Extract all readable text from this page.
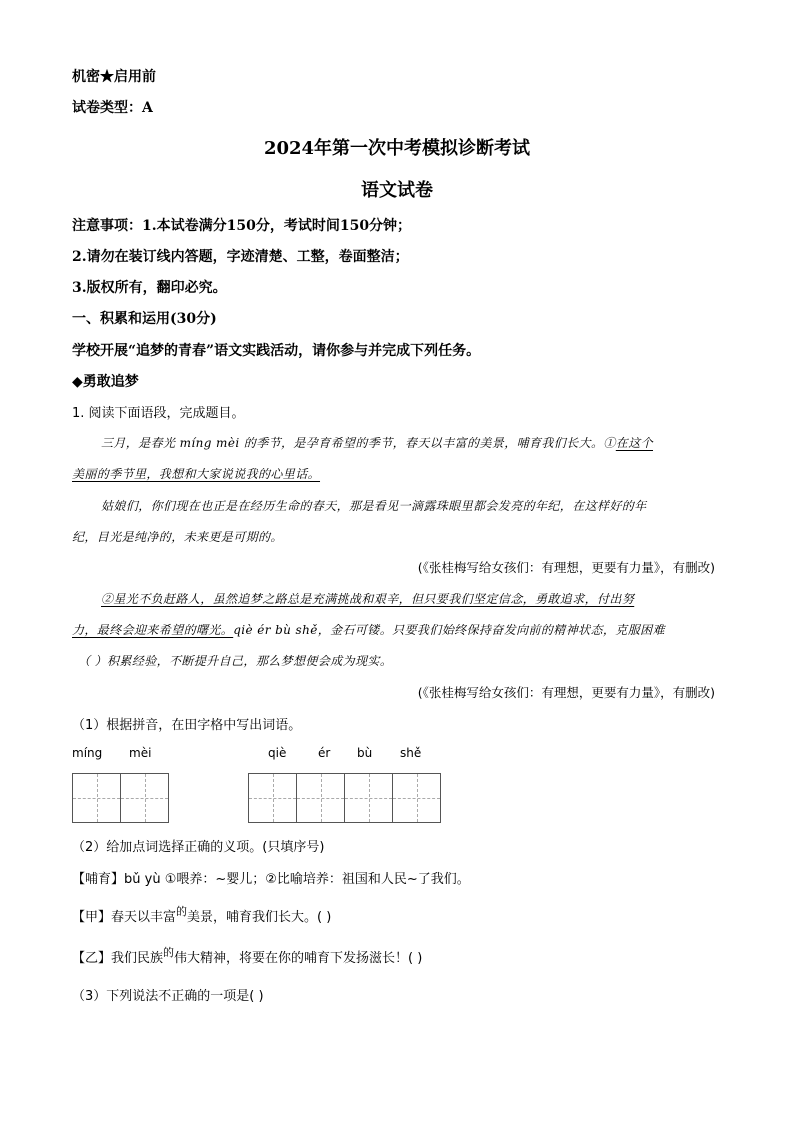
机密★启用前
试卷类型：A
2024年第一次中考模拟诊断考试
语文试卷
注意事项：1.本试卷满分150分，考试时间150分钟；
2.请勿在装订线内答题，字迹清楚、工整，卷面整洁；
3.版权所有，翻印必究。
一、积累和运用(30分)
学校开展“追梦的青春”语文实践活动，请你参与并完成下列任务。
◆勇敢追梦
1. 阅读下面语段，完成题目。
三月，是春光 míng mèi 的季节，是孕育希望的季节，春天以丰富的美景，哺育我们长大。①在这个
美丽的季节里，我想和大家说说我的心里话。
姑娘们，你们现在也正是在经历生命的春天，那是看见一滴露珠眼里都会发亮的年纪，在这样好的年
纪，目光是纯净的，未来更是可期的。
(《张桂梅写给女孩们：有理想，更要有力量》，有删改)
②星光不负赶路人，虽然追梦之路总是充满挑战和艰辛，但只要我们坚定信念，勇敢追求，付出努
力，最终会迎来希望的曙光。qiè ér bù shě，金石可镂。只要我们始终保持奋发向前的精神状态，克服困难
（ ）积累经验，不断提升自己，那么梦想便会成为现实。
(《张桂梅写给女孩们：有理想，更要有力量》，有删改)
（1）根据拼音，在田字格中写出词语。
míng mèi	qiè	ér bù shě
（2）给加点词选择正确的义项。(只填序号)
【哺育】bǔ yù ①喂养：~婴儿；②比喻培养：祖国和人民~了我们。
【甲】春天以丰富$^的$美景，哺育我们长大。( )
【乙】我们民族$^的$伟大精神，将要在你的哺育下发扬滋长！( )
（3）下列说法不正确的一项是( )
